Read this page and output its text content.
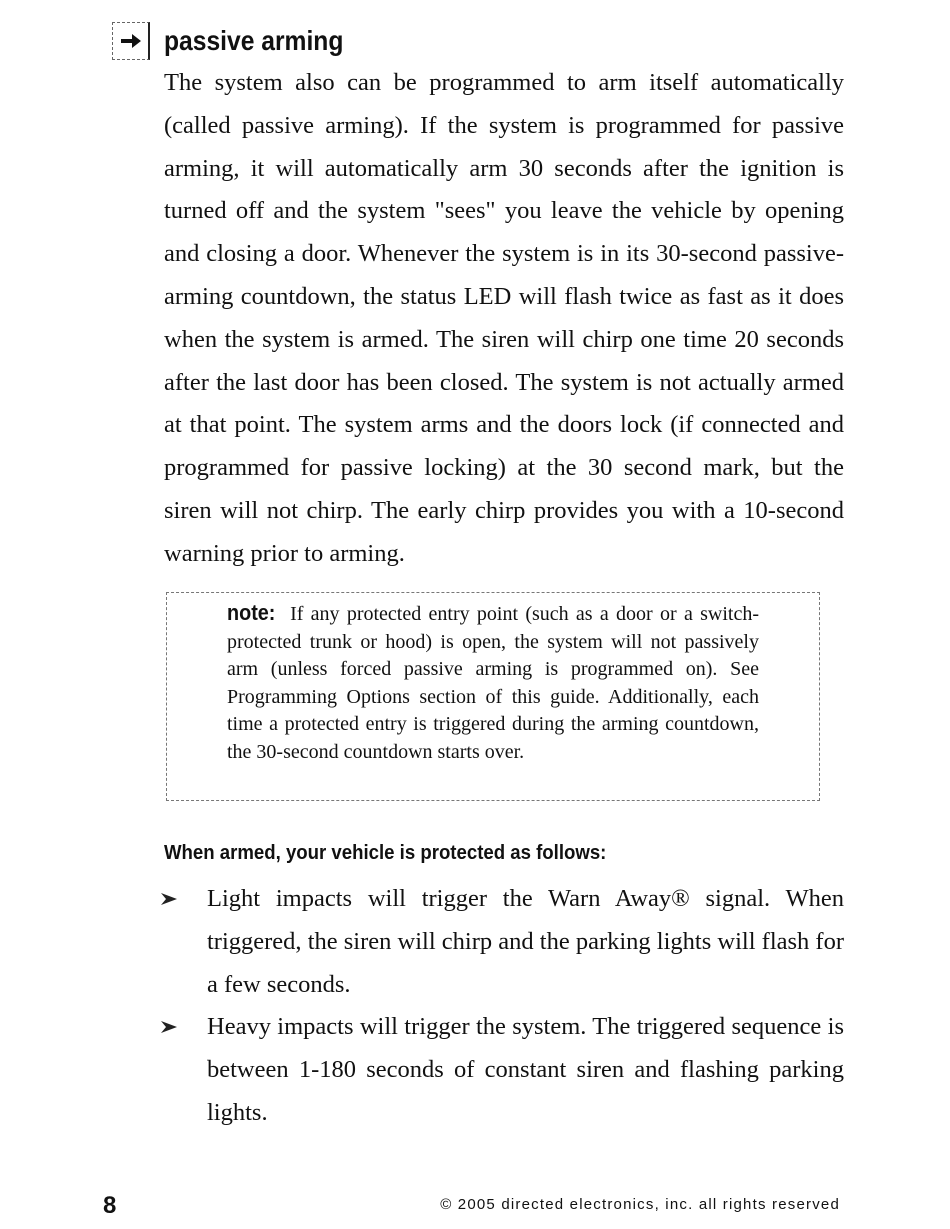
passive arming

The system also can be programmed to arm itself automatically (called passive arming). If the system is programmed for passive arming, it will automatically arm 30 seconds after the ignition is turned off and the system "sees" you leave the vehicle by opening and closing a door. Whenever the system is in its 30-second passive-arming countdown, the status LED will flash twice as fast as it does when the system is armed. The siren will chirp one time 20 seconds after the last door has been closed. The system is not actually armed at that point. The system arms and the doors lock (if connected and programmed for passive locking) at the 30 second mark, but the siren will not chirp. The early chirp provides you with a 10-second warning prior to arming.

note: If any protected entry point (such as a door or a switch-protected trunk or hood) is open, the system will not passively arm (unless forced passive arming is programmed on). See Programming Options section of this guide. Additionally, each time a protected entry is triggered during the arming countdown, the 30-second countdown starts over.

When armed, your vehicle is protected as follows:
Light impacts will trigger the Warn Away® signal. When triggered, the siren will chirp and the parking lights will flash for a few seconds.
Heavy impacts will trigger the system. The triggered sequence is between 1-180 seconds of constant siren and flashing parking lights.
8	© 2005 directed electronics, inc. all rights reserved
